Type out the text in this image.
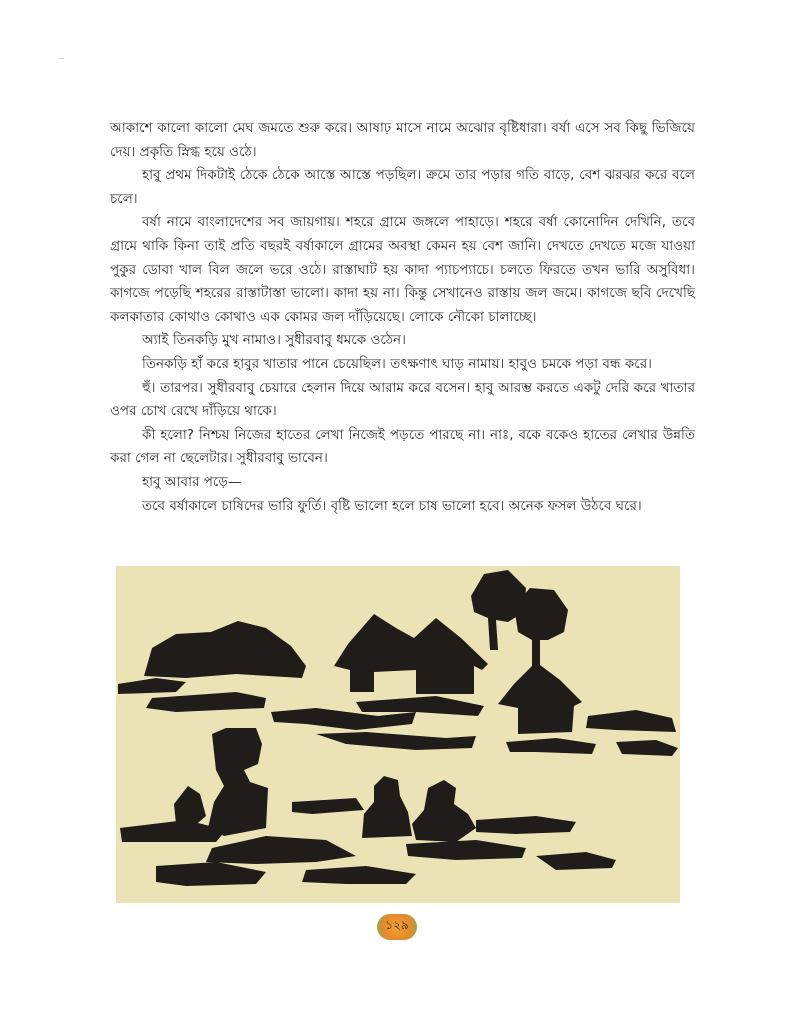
আকাশে কালো কালো মেঘ জমতে শুরু করে। আষাঢ় মাসে নামে অঝোর বৃষ্টিধারা। বর্ষা এসে সব কিছু ভিজিয়ে দেয়। প্রকৃতি স্নিগ্ধ হয়ে ওঠে।

হাবু প্রথম দিকটাই ঠেকে ঠেকে আস্তে আস্তে পড়ছিল। ক্রমে তার পড়ার গতি বাড়ে, বেশ ঝরঝর করে বলে চলে।

বর্ষা নামে বাংলাদেশের সব জায়গায়। শহরে গ্রামে জঙ্গলে পাহাড়ে। শহরে বর্ষা কোনোদিন দেখিনি, তবে গ্রামে থাকি কিনা তাই প্রতি বছরই বর্ষাকালে গ্রামের অবস্থা কেমন হয় বেশ জানি। দেখতে দেখতে মজে যাওয়া পুকুর ডোবা খাল বিল জলে ভরে ওঠে। রাস্তাঘাট হয় কাদা প্যাচপ্যাচে। চলতে ফিরতে তখন ভারি অসুবিধা। কাগজে পড়েছি শহরের রাস্তাটাস্তা ভালো। কাদা হয় না। কিন্তু সেখানেও রাস্তায় জল জমে। কাগজে ছবি দেখেছি কলকাতার কোথাও কোথাও এক কোমর জল দাঁড়িয়েছে। লোকে নৌকো চালাচ্ছে।

অ্যাই তিনকড়ি মুখ নামাও। সুধীরবাবু ধমকে ওঠেন।

তিনকড়ি হাঁ করে হাবুর খাতার পানে চেয়েছিল। তৎক্ষণাৎ ঘাড় নামায়। হাবুও চমকে পড়া বন্ধ করে।

হুঁ। তারপর। সুধীরবাবু চেয়ারে হেলান দিয়ে আরাম করে বসেন। হাবু আরম্ভ করতে একটু দেরি করে খাতার ওপর চোখ রেখে দাঁড়িয়ে থাকে।

কী হলো? নিশ্চয় নিজের হাতের লেখা নিজেই পড়তে পারছে না। নাঃ, বকে বকেও হাতের লেখার উন্নতি করা গেল না ছেলেটার। সুধীরবাবু ভাবেন।

হাবু আবার পড়ে—

তবে বর্ষাকালে চাষিদের ভারি ফুর্তি। বৃষ্টি ভালো হলে চাষ ভালো হবে। অনেক ফসল উঠবে ঘরে।

১২৯
